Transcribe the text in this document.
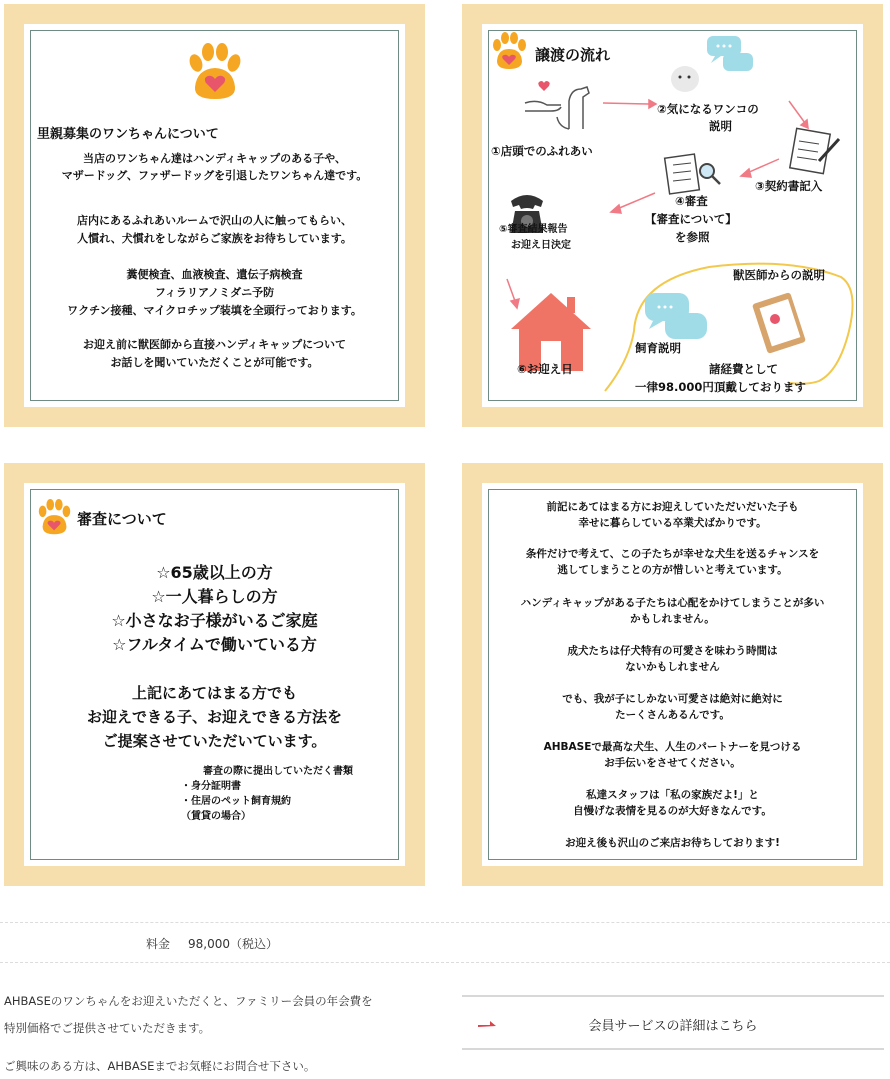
里親募集のワンちゃんについて
当店のワンちゃん達はハンディキャップのある子や、
マザードッグ、ファザードッグを引退したワンちゃん達です。
店内にあるふれあいルームで沢山の人に触ってもらい、
人慣れ、犬慣れをしながらご家族をお待ちしています。
糞便検査、血液検査、遺伝子病検査
フィラリアノミダニ予防
ワクチン接種、マイクロチップ装填を全頭行っております。
お迎え前に獣医師から直接ハンディキャップについて
お話しを聞いていただくことが可能です。
譲渡の流れ
①店頭でのふれあい
②気になるワンコの
説明
③契約書記入
④審査
【審査について】
を参照
⑤審査結果報告
お迎え日決定
⑥お迎え日
獣医師からの説明
飼育説明
諸経費として
一律98.000円頂戴しております
審査について
☆65歳以上の方
☆一人暮らしの方
☆小さなお子様がいるご家庭
☆フルタイムで働いている方
上記にあてはまる方でも
お迎えできる子、お迎えできる方法を
ご提案させていただいています。
審査の際に提出していただく書類
・身分証明書
・住居のペット飼育規約
（賃貸の場合）
前記にあてはまる方にお迎えしていただいだいた子も
幸せに暮らしている卒業犬ばかりです。
条件だけで考えて、この子たちが幸せな犬生を送るチャンスを
逃してしまうことの方が惜しいと考えています。
ハンディキャップがある子たちは心配をかけてしまうことが多い
かもしれません。
成犬たちは仔犬特有の可愛さを味わう時間は
ないかもしれません
でも、我が子にしかない可愛さは絶対に絶対に
たーくさんあるんです。
AHBASEで最高な犬生、人生のパートナーを見つける
お手伝いをさせてください。
私達スタッフは「私の家族だよ!」と
自慢げな表情を見るのが大好きなんです。
お迎え後も沢山のご来店お待ちしております!
料金 98,000（税込）
AHBASEのワンちゃんをお迎えいただくと、ファミリー会員の年会費を
特別価格でご提供させていただきます。
ご興味のある方は、AHBASEまでお気軽にお問合せ下さい。
会員サービスの詳細はこちら
